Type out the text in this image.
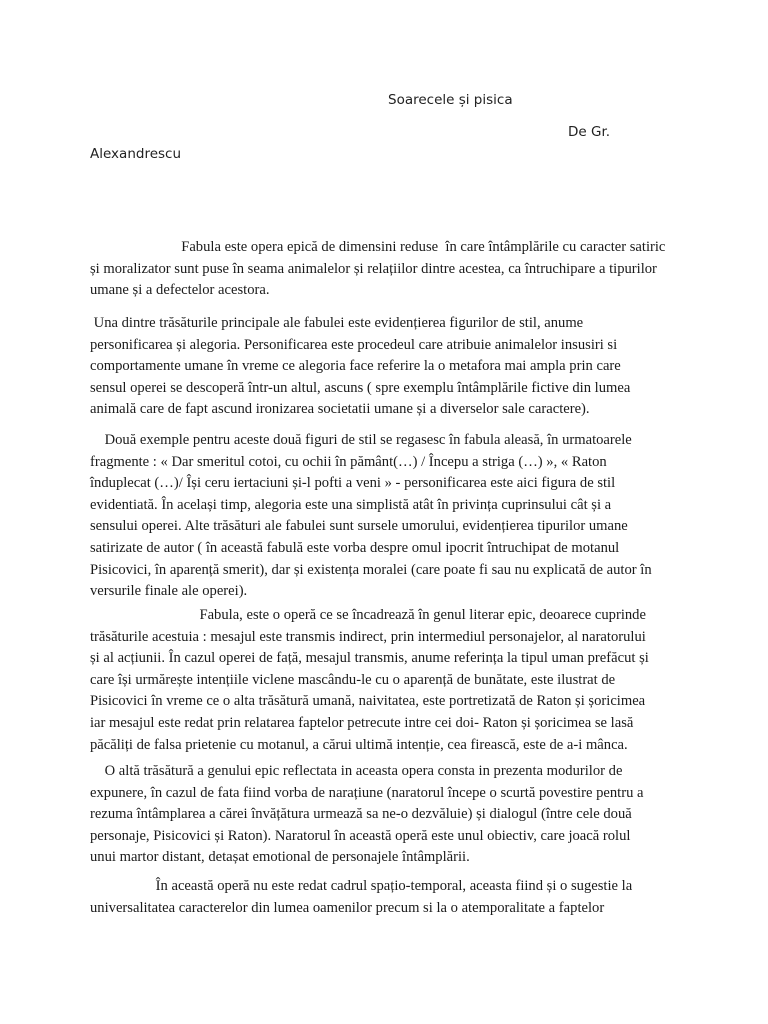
Soarecele și pisica
De Gr.
Alexandrescu

Fabula este opera epică de dimensini reduse  în care întâmplările cu caracter satiric
și moralizator sunt puse în seama animalelor și relațiilor dintre acestea, ca întruchipare a tipurilor
umane și a defectelor acestora.

Una dintre trăsăturile principale ale fabulei este evidențierea figurilor de stil, anume
personificarea și alegoria. Personificarea este procedeul care atribuie animalelor insusiri si
comportamente umane în vreme ce alegoria face referire la o metafora mai ampla prin care
sensul operei se descoperă într-un altul, ascuns ( spre exemplu întâmplările fictive din lumea
animală care de fapt ascund ironizarea societatii umane și a diverselor sale caractere).

Două exemple pentru aceste două figuri de stil se regasesc în fabula aleasă, în urmatoarele
fragmente : « Dar smeritul cotoi, cu ochii în pământ(…) / Începu a striga (…) », « Raton
înduplecat (…)/ Își ceru iertaciuni și-l pofti a veni » - personificarea este aici figura de stil
evidentiată. În același timp, alegoria este una simplistă atât în privința cuprinsului cât și a
sensului operei. Alte trăsături ale fabulei sunt sursele umorului, evidențierea tipurilor umane
satirizate de autor ( în această fabulă este vorba despre omul ipocrit întruchipat de motanul
Pisicovici, în aparență smerit), dar și existența moralei (care poate fi sau nu explicată de autor în
versurile finale ale operei).

Fabula, este o operă ce se încadrează în genul literar epic, deoarece cuprinde
trăsăturile acestuia : mesajul este transmis indirect, prin intermediul personajelor, al naratorului
și al acțiunii. În cazul operei de față, mesajul transmis, anume referința la tipul uman prefăcut și
care își urmărește intențiile viclene mascându-le cu o aparență de bunătate, este ilustrat de
Pisicovici în vreme ce o alta trăsătură umană, naivitatea, este portretizată de Raton și șoricimea
iar mesajul este redat prin relatarea faptelor petrecute intre cei doi- Raton și șoricimea se lasă
păcăliți de falsa prietenie cu motanul, a cărui ultimă intenție, cea firească, este de a-i mânca.

O altă trăsătură a genului epic reflectata in aceasta opera consta in prezenta modurilor de
expunere, în cazul de fata fiind vorba de narațiune (naratorul începe o scurtă povestire pentru a
rezuma întâmplarea a cărei învățătura urmează sa ne-o dezvăluie) și dialogul (între cele două
personaje, Pisicovici și Raton). Naratorul în această operă este unul obiectiv, care joacă rolul
unui martor distant, detașat emotional de personajele întâmplării.

În această operă nu este redat cadrul spațio-temporal, aceasta fiind și o sugestie la
universalitatea caracterelor din lumea oamenilor precum si la o atemporalitate a faptelor
